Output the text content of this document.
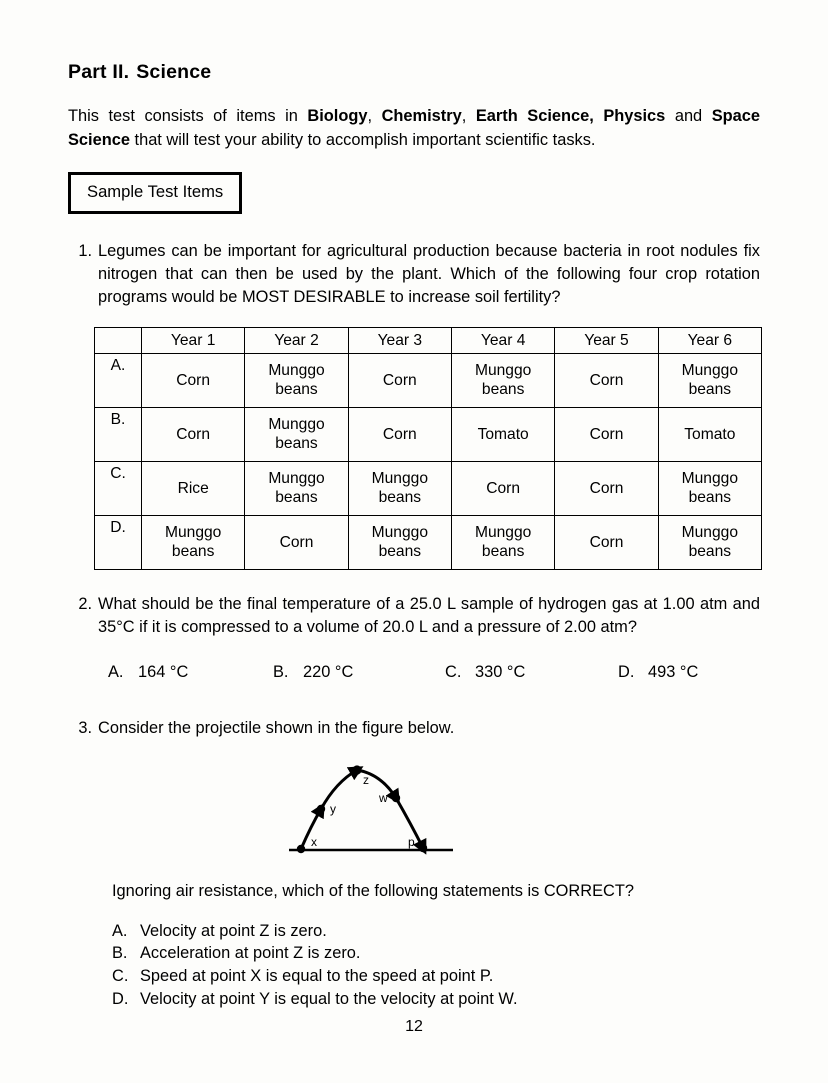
Part II. Science

This test consists of items in Biology, Chemistry, Earth Science, Physics and Space Science that will test your ability to accomplish important scientific tasks.

Sample Test Items
1. Legumes can be important for agricultural production because bacteria in root nodules fix nitrogen that can then be used by the plant. Which of the following four crop rotation programs would be MOST DESIRABLE to increase soil fertility?
	Year 1	Year 2	Year 3	Year 4	Year 5	Year 6
A.	Corn	Munggo beans	Corn	Munggo beans	Corn	Munggo beans
B.	Corn	Munggo beans	Corn	Tomato	Corn	Tomato
C.	Rice	Munggo beans	Munggo beans	Corn	Corn	Munggo beans
D.	Munggo beans	Corn	Munggo beans	Munggo beans	Corn	Munggo beans
2. What should be the final temperature of a 25.0 L sample of hydrogen gas at 1.00 atm and 35°C if it is compressed to a volume of 20.0 L and a pressure of 2.00 atm?
A. 164 °C	B. 220 °C	C. 330 °C	D. 493 °C
3. Consider the projectile shown in the figure below.
x
y
z
w
p
Ignoring air resistance, which of the following statements is CORRECT?
A. Velocity at point Z is zero.
B. Acceleration at point Z is zero.
C. Speed at point X is equal to the speed at point P.
D. Velocity at point Y is equal to the velocity at point W.
12
